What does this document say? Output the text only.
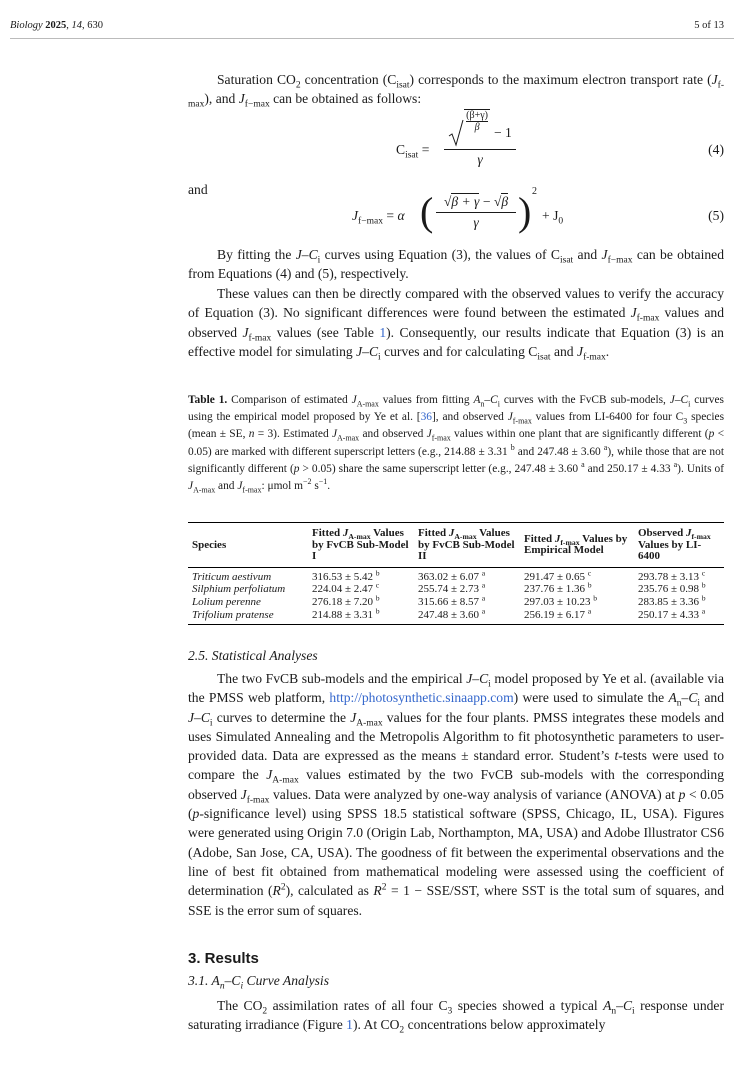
Biology 2025, 14, 630	5 of 13
Saturation $CO_2$ concentration $(C_{isat})$ corresponds to the maximum electron transport rate $(J_{f-max})$, and $J_{f-max}$ can be obtained as follows:
$C_{isat}$ =
(β+γ)
β	− 1
γ
(4)
and
$J_{f-max} = \alpha$ ( √β + γ − √β
γ ) 2
+ $J_0$	(5)
By fitting the $J-C_i$ curves using Equation (3), the values of $C_{isat}$ and $J_{f-max}$ can be obtained from Equations (4) and (5), respectively.
These values can then be directly compared with the observed values to verify the accuracy of Equation (3). No significant differences were found between the estimated $J_{f-max}$ values and observed $J_{f-max}$ values (see Table 1). Consequently, our results indicate that Equation (3) is an effective model for simulating $J-C_i$ curves and for calculating $C_{isat}$ and $J_{f-max}$.
Table 1. Comparison of estimated $J_{A-max}$ values from fitting $A_n-C_i$ curves with the FvCB sub-models, $J-C_i$ curves using the empirical model proposed by Ye et al. [36], and observed $J_{f-max}$ values from LI-6400 for four $C_3$ species (mean ± SE, n = 3). Estimated $J_{A-max}$ and observed $J_{f-max}$ values within one plant that are significantly different (p < 0.05) are marked with different superscript letters (e.g., 214.88 ± 3.31 $^b$ and 247.48 ± 3.60 $^a$), while those that are not significantly different (p > 0.05) share the same superscript letter (e.g., 247.48 ± 3.60 $^a$ and 250.17 ± 4.33 $^a$). Units of $J_{A-max}$ and $J_{f-max}$: μmol $m^{-2}$ $s^{-1}$.
Species	Fitted $J_{A-max}$ Values by FvCB Sub-Model I	Fitted $J_{A-max}$ Values by FvCB Sub-Model II	Fitted $J_{f-max}$ Values by Empirical Model	Observed $J_{f-max}$ Values by LI-6400
Triticum aestivum	316.53 ± 5.42 $^b$	363.02 ± 6.07 $^a$	291.47 ± 0.65 $^c$	293.78 ± 3.13 $^c$
Silphium perfoliatum	224.04 ± 2.47 $^c$	255.74 ± 2.73 $^a$	237.76 ± 1.36 $^b$	235.76 ± 0.98 $^b$
Lolium perenne	276.18 ± 7.20 $^b$	315.66 ± 8.57 $^a$	297.03 ± 10.23 $^b$	283.85 ± 3.36 $^b$
Trifolium pratense	214.88 ± 3.31 $^b$	247.48 ± 3.60 $^a$	256.19 ± 6.17 $^a$	250.17 ± 4.33 $^a$
2.5. Statistical Analyses
The two FvCB sub-models and the empirical $J-C_i$ model proposed by Ye et al. (available via the PMSS web platform, http://photosynthetic.sinaapp.com) were used to simulate the $A_n-C_i$ and $J-C_i$ curves to determine the $J_{A-max}$ values for the four plants. PMSS integrates these models and uses Simulated Annealing and the Metropolis Algorithm to fit photosynthetic parameters to user-provided data. Data are expressed as the means ± standard error. Student’s t-tests were used to compare the $J_{A-max}$ values estimated by the two FvCB sub-models with the corresponding observed $J_{f-max}$ values. Data were analyzed by one-way analysis of variance (ANOVA) at p < 0.05 (p-significance level) using SPSS 18.5 statistical software (SPSS, Chicago, IL, USA). Figures were generated using Origin 7.0 (Origin Lab, Northampton, MA, USA) and Adobe Illustrator CS6 (Adobe, San Jose, CA, USA). The goodness of fit between the experimental observations and the line of best fit obtained from mathematical modeling were assessed using the coefficient of determination $(R^2)$, calculated as $R^2 = 1 - SSE/SST$, where SST is the total sum of squares, and SSE is the error sum of squares.
3. Results
3.1. $A_n-C_i$ Curve Analysis
The $CO_2$ assimilation rates of all four $C_3$ species showed a typical $A_n-C_i$ response under saturating irradiance (Figure 1). At $CO_2$ concentrations below approximately
